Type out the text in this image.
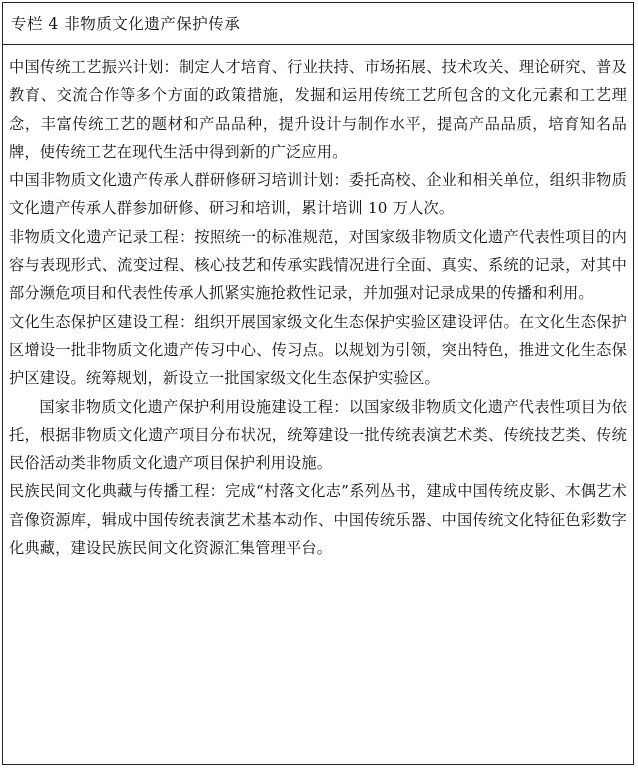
专栏 4 非物质文化遗产保护传承

中国传统工艺振兴计划：制定人才培育、行业扶持、市场拓展、技术攻关、理论研究、普及教育、交流合作等多个方面的政策措施，发掘和运用传统工艺所包含的文化元素和工艺理念，丰富传统工艺的题材和产品品种，提升设计与制作水平，提高产品品质，培育知名品牌，使传统工艺在现代生活中得到新的广泛应用。

中国非物质文化遗产传承人群研修研习培训计划：委托高校、企业和相关单位，组织非物质文化遗产传承人群参加研修、研习和培训，累计培训 10 万人次。

非物质文化遗产记录工程：按照统一的标准规范，对国家级非物质文化遗产代表性项目的内容与表现形式、流变过程、核心技艺和传承实践情况进行全面、真实、系统的记录，对其中部分濒危项目和代表性传承人抓紧实施抢救性记录，并加强对记录成果的传播和利用。

文化生态保护区建设工程：组织开展国家级文化生态保护实验区建设评估。在文化生态保护区增设一批非物质文化遗产传习中心、传习点。以规划为引领，突出特色，推进文化生态保护区建设。统筹规划，新设立一批国家级文化生态保护实验区。

国家非物质文化遗产保护利用设施建设工程：以国家级非物质文化遗产代表性项目为依托，根据非物质文化遗产项目分布状况，统筹建设一批传统表演艺术类、传统技艺类、传统民俗活动类非物质文化遗产项目保护利用设施。

民族民间文化典藏与传播工程：完成“村落文化志”系列丛书，建成中国传统皮影、木偶艺术音像资源库，辑成中国传统表演艺术基本动作、中国传统乐器、中国传统文化特征色彩数字化典藏，建设民族民间文化资源汇集管理平台。
